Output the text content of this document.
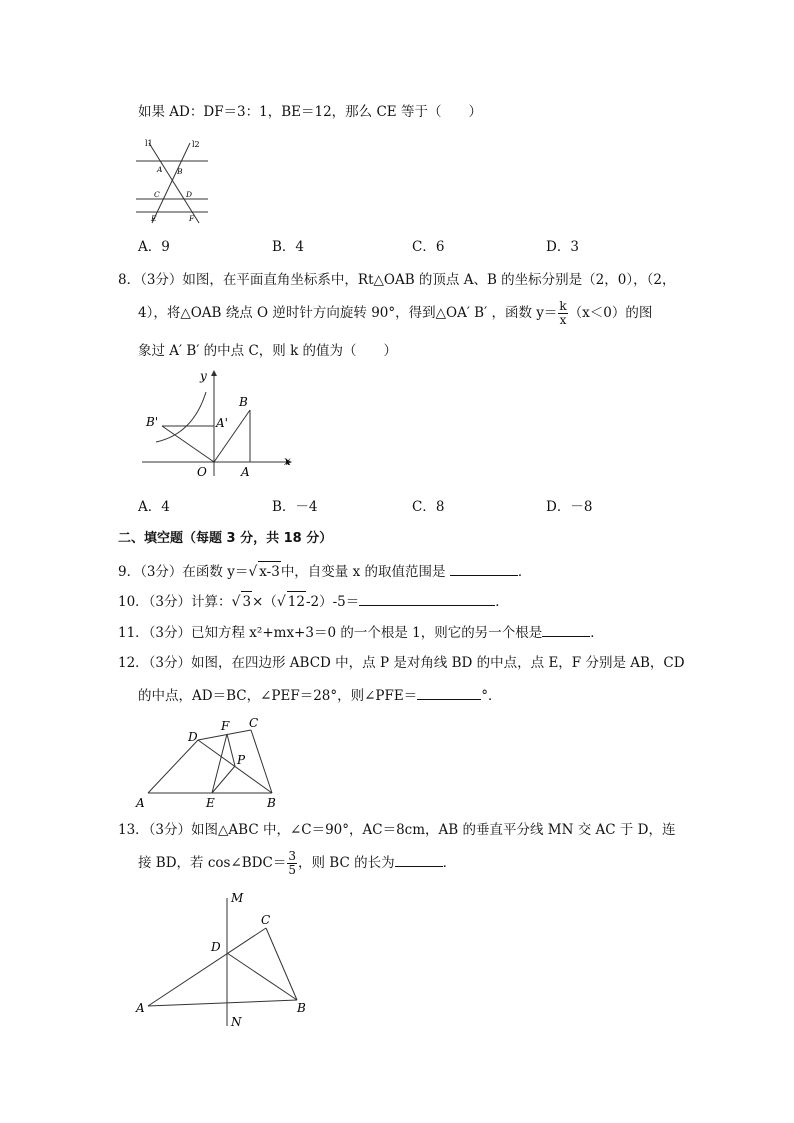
如果 AD：DF＝3：1，BE＝12，那么 CE 等于（　　）
l1	l2
A B
C	D
E	F
A．9	B．4	C．6	D．3
8．（3分）如图，在平面直角坐标系中，Rt△OAB 的顶点 A、B 的坐标分别是（2，0），（2，
4），将△OAB 绕点 O 逆时针方向旋转 90°，得到△OA′ B′ ，函数 $y= \frac{k}{x} (x<0)$的图
象过 A′ B′ 的中点 C，则 k 的值为（　　）
y
x
O	A
B
B'	A'
A．4	B．－4	C．8	D．－8
二、填空题（每题 3 分，共 18 分）
9．（3分）在函数 y＝√ x-3中，自变量 x 的取值范围是	．
10．（3分）计算：√ 3×（√ 12-2）-5＝	．
11．（3分）已知方程 x²+mx+3＝0 的一个根是 1，则它的另一个根是	．
12．（3分）如图，在四边形 ABCD 中，点 P 是对角线 BD 的中点，点 E，F 分别是 AB，CD
的中点，AD＝BC，∠PEF＝28°，则∠PFE＝	°．
D
F C
P
A	E	B
13．（3分）如图△ABC 中，∠C＝90°，AC＝8cm，AB 的垂直平分线 MN 交 AC 于 D，连
接 BD，若 cos∠BDC＝ $\frac{3}{5}$ ，则 BC 的长为	．
M
C
D
A	B
N
